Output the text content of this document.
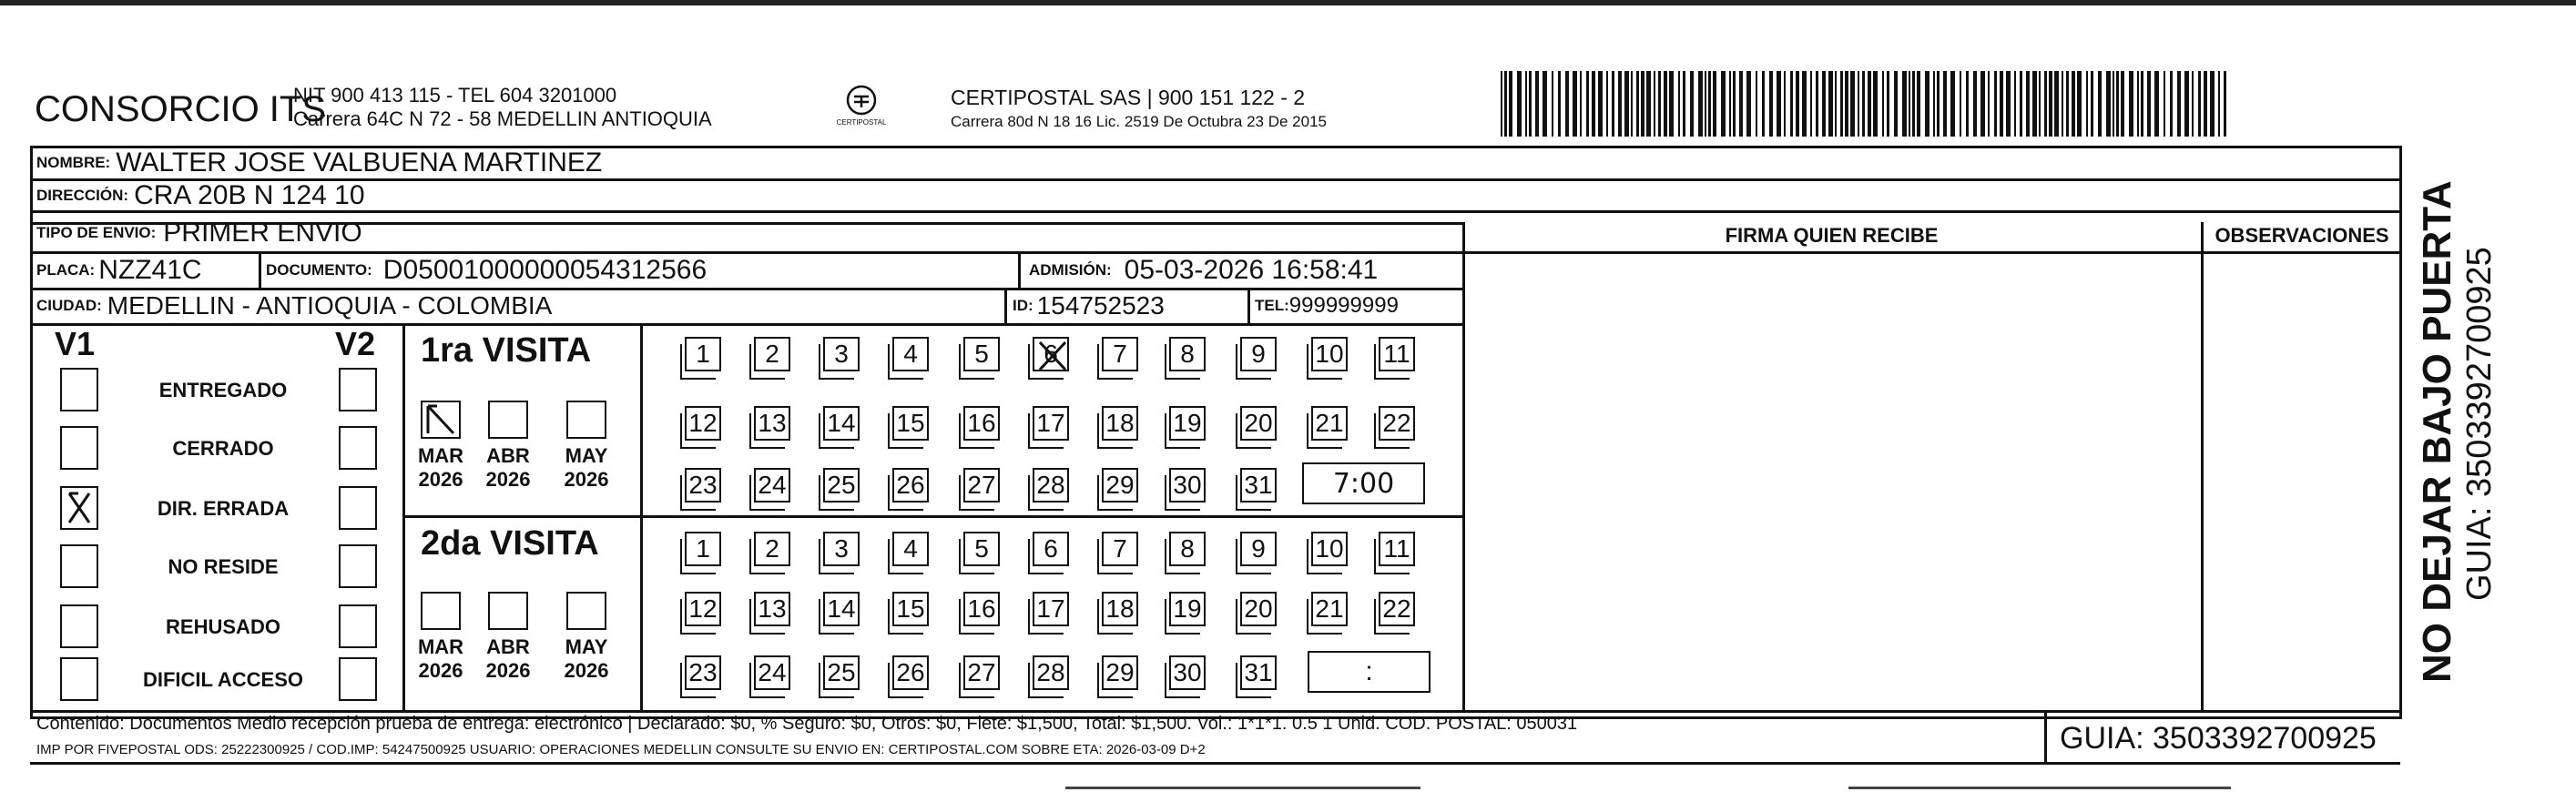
CONSORCIO ITS
NIT 900 413 115 - TEL 604 3201000
Carrera 64C N 72 - 58 MEDELLIN ANTIOQUIA	CERTIPOSTAL
CERTIPOSTAL SAS | 900 151 122 - 2
Carrera 80d N 18 16 Lic. 2519 De Octubra 23 De 2015
NOMBRE: WALTER JOSE VALBUENA MARTINEZ
DIRECCIÓN: CRA 20B N 124 10
TIPO DE ENVIO: PRIMER ENVIO	FIRMA QUIEN RECIBE	OBSERVACIONES
PLACA: NZZ41C	DOCUMENTO: D05001000000054312566	ADMISIÓN: 05-03-2026 16:58:41
CIUDAD: MEDELLIN - ANTIOQUIA - COLOMBIA	ID: 154752523	TEL: 999999999
V1	V2
ENTREGADO
CERRADO
DIR. ERRADA
NO RESIDE
REHUSADO
DIFICIL ACCESO
1ra VISITA
MAR
2026
ABR
2026
MAY
2026
1 2 3 4 5 6 7 8 9 10 11
12 13 14 15 16 17 18 19 20 21 22
23 24 25 26 27 28 29 30 31 7:00
2da VISITA
MAR
2026
ABR
2026
MAY
2026
1 2 3 4 5 6 7 8 9 10 11
12 13 14 15 16 17 18 19 20 21 22
23 24 25 26 27 28 29 30 31	:	NO DEJAR BAJO PUERTA GUIA: 3503392700925
Contenido: Documentos Medio recepción prueba de entrega: electrónico | Declarado: $0, % Seguro: $0, Otros: $0, Flete: $1,500, Total: $1,500. Vol.: 1*1*1. 0.5 1 Unid. COD. POSTAL: 050031
IMP POR FIVEPOSTAL ODS: 25222300925 / COD.IMP: 54247500925 USUARIO: OPERACIONES MEDELLIN CONSULTE SU ENVIO EN: CERTIPOSTAL.COM SOBRE ETA: 2026-03-09 D+2	GUIA: 3503392700925
